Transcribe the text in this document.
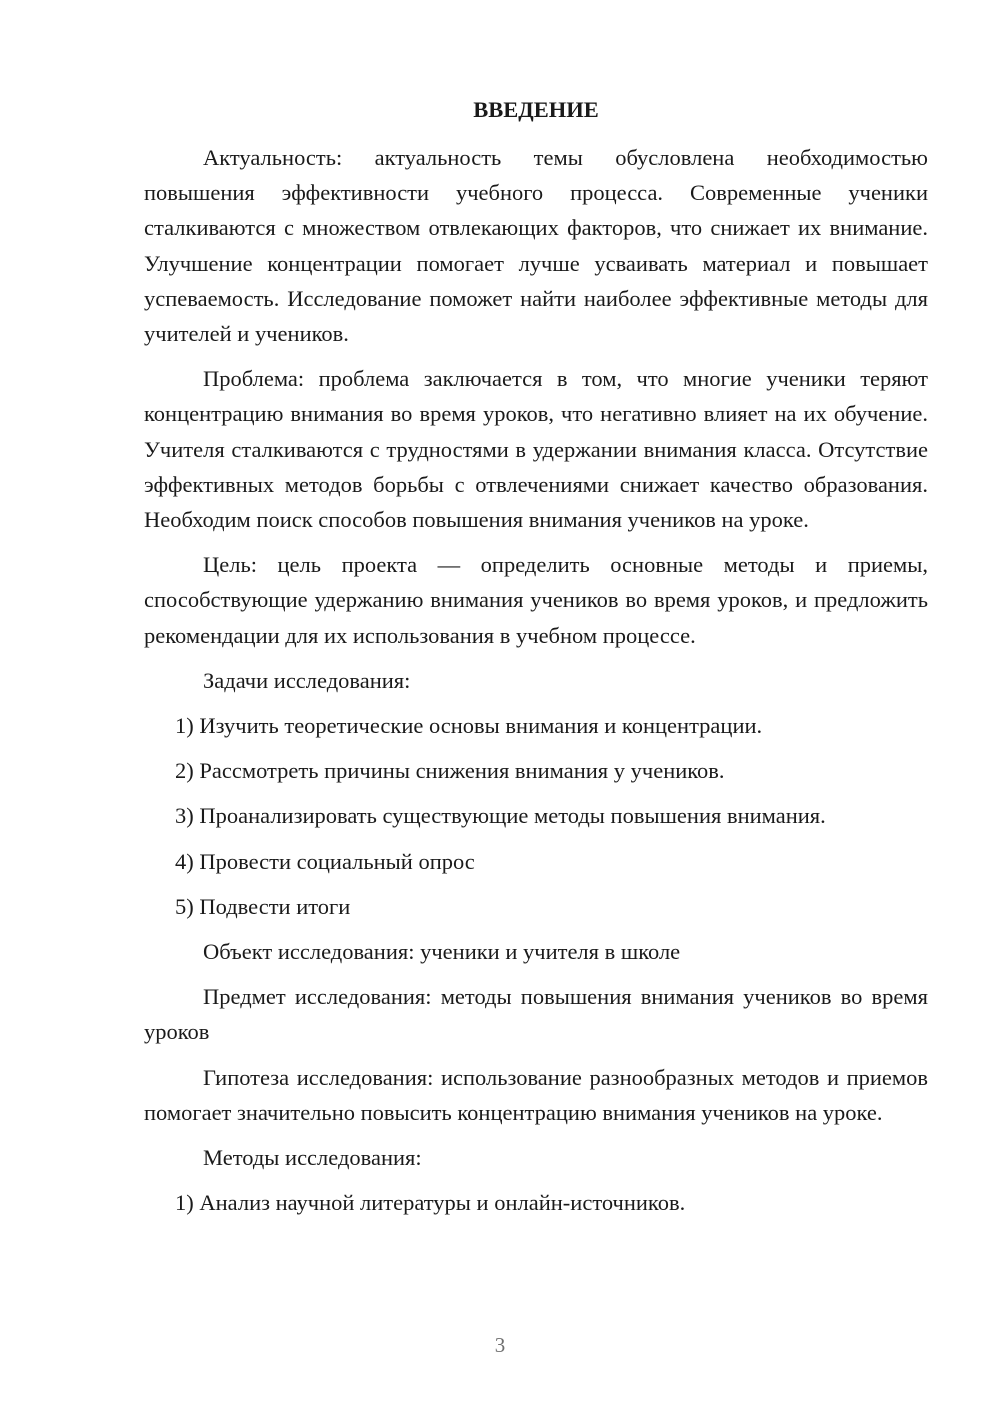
ВВЕДЕНИЕ

Актуальность: актуальность темы обусловлена необходимостью повышения эффективности учебного процесса. Современные ученики сталкиваются с множеством отвлекающих факторов, что снижает их внимание. Улучшение концентрации помогает лучше усваивать материал и повышает успеваемость. Исследование поможет найти наиболее эффективные методы для учителей и учеников.

Проблема: проблема заключается в том, что многие ученики теряют концентрацию внимания во время уроков, что негативно влияет на их обучение. Учителя сталкиваются с трудностями в удержании внимания класса. Отсутствие эффективных методов борьбы с отвлечениями снижает качество образования. Необходим поиск способов повышения внимания учеников на уроке.

Цель: цель проекта — определить основные методы и приемы, способствующие удержанию внимания учеников во время уроков, и предложить рекомендации для их использования в учебном процессе.

Задачи исследования:

1) Изучить теоретические основы внимания и концентрации.

2) Рассмотреть причины снижения внимания у учеников.

3) Проанализировать существующие методы повышения внимания.

4) Провести социальный опрос

5) Подвести итоги

Объект исследования: ученики и учителя в школе

Предмет исследования: методы повышения внимания учеников во время уроков

Гипотеза исследования: использование разнообразных методов и приемов помогает значительно повысить концентрацию внимания учеников на уроке.

Методы исследования:

1) Анализ научной литературы и онлайн-источников.

3
